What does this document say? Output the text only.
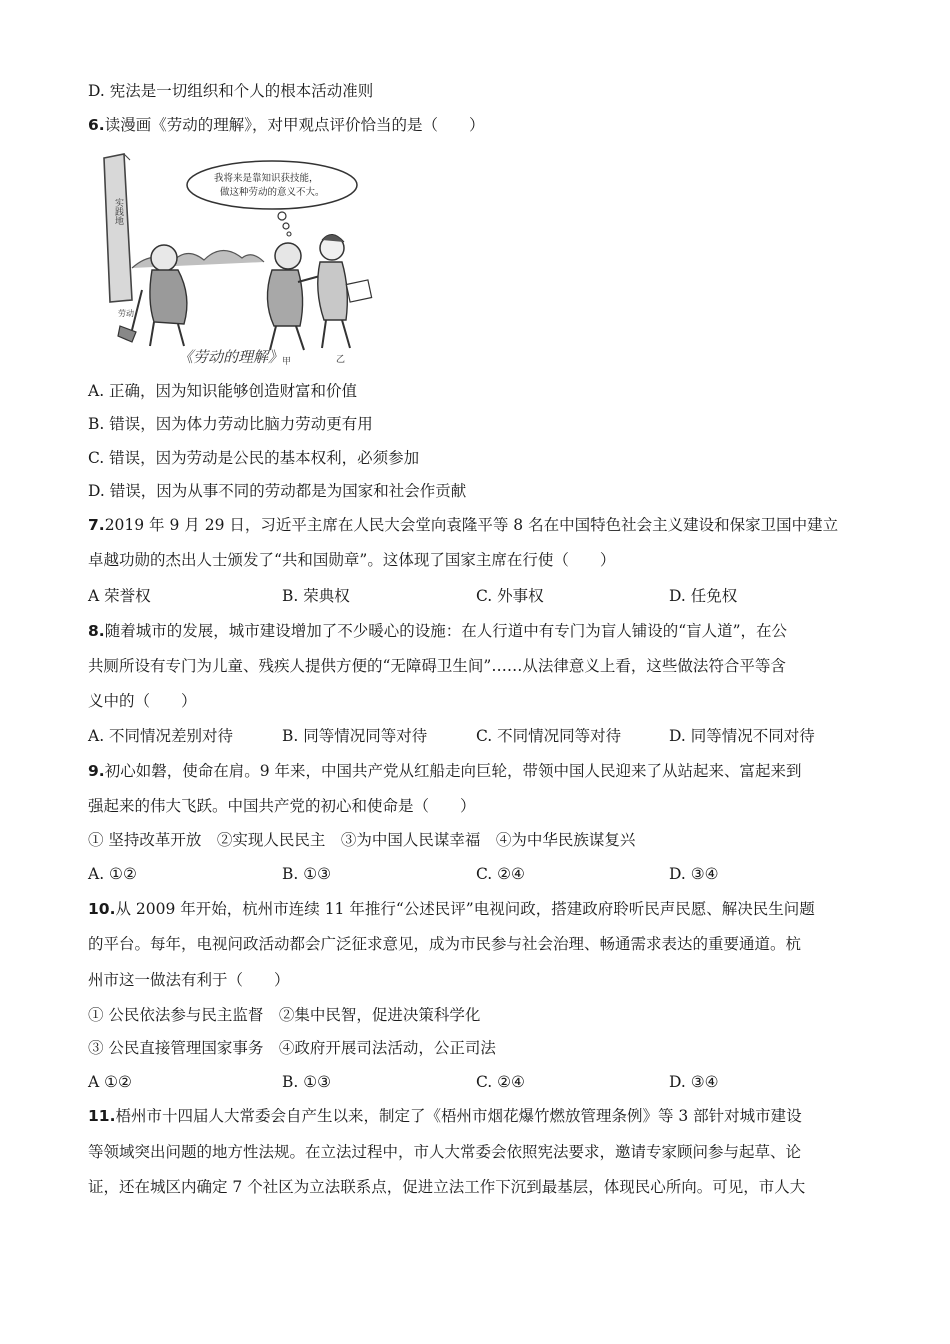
D. 宪法是一切组织和个人的根本活动准则
6.读漫画《劳动的理解》，对甲观点评价恰当的是（　　）
实践地
我将来是靠知识获技能，
做这种劳动的意义不大。
劳动
甲	乙
《劳动的理解》
A. 正确，因为知识能够创造财富和价值
B. 错误，因为体力劳动比脑力劳动更有用
C. 错误，因为劳动是公民的基本权利，必须参加
D. 错误，因为从事不同的劳动都是为国家和社会作贡献
7.2019 年 9 月 29 日，习近平主席在人民大会堂向袁隆平等 8 名在中国特色社会主义建设和保家卫国中建立
卓越功勋的杰出人士颁发了“共和国勋章”。这体现了国家主席在行使（　　）
A 荣誉权	B. 荣典权	C. 外事权	D. 任免权
8.随着城市的发展，城市建设增加了不少暖心的设施：在人行道中有专门为盲人铺设的“盲人道”，在公
共厕所设有专门为儿童、残疾人提供方便的“无障碍卫生间”……从法律意义上看，这些做法符合平等含
义中的（　　）
A. 不同情况差别对待	B. 同等情况同等对待	C. 不同情况同等对待	D. 同等情况不同对待
9.初心如磐，使命在肩。9 年来，中国共产党从红船走向巨轮，带领中国人民迎来了从站起来、富起来到
强起来的伟大飞跃。中国共产党的初心和使命是（　　）
① 坚持改革开放　②实现人民民主　③为中国人民谋幸福　④为中华民族谋复兴
A. ①②	B. ①③	C. ②④	D. ③④
10.从 2009 年开始，杭州市连续 11 年推行“公述民评”电视问政，搭建政府聆听民声民愿、解决民生问题
的平台。每年，电视问政活动都会广泛征求意见，成为市民参与社会治理、畅通需求表达的重要通道。杭
州市这一做法有利于（　　）
① 公民依法参与民主监督　②集中民智，促进决策科学化
③ 公民直接管理国家事务　④政府开展司法活动，公正司法
A ①②	B. ①③	C. ②④	D. ③④
11.梧州市十四届人大常委会自产生以来，制定了《梧州市烟花爆竹燃放管理条例》等 3 部针对城市建设
等领域突出问题的地方性法规。在立法过程中，市人大常委会依照宪法要求，邀请专家顾问参与起草、论
证，还在城区内确定 7 个社区为立法联系点，促进立法工作下沉到最基层，体现民心所向。可见，市人大
